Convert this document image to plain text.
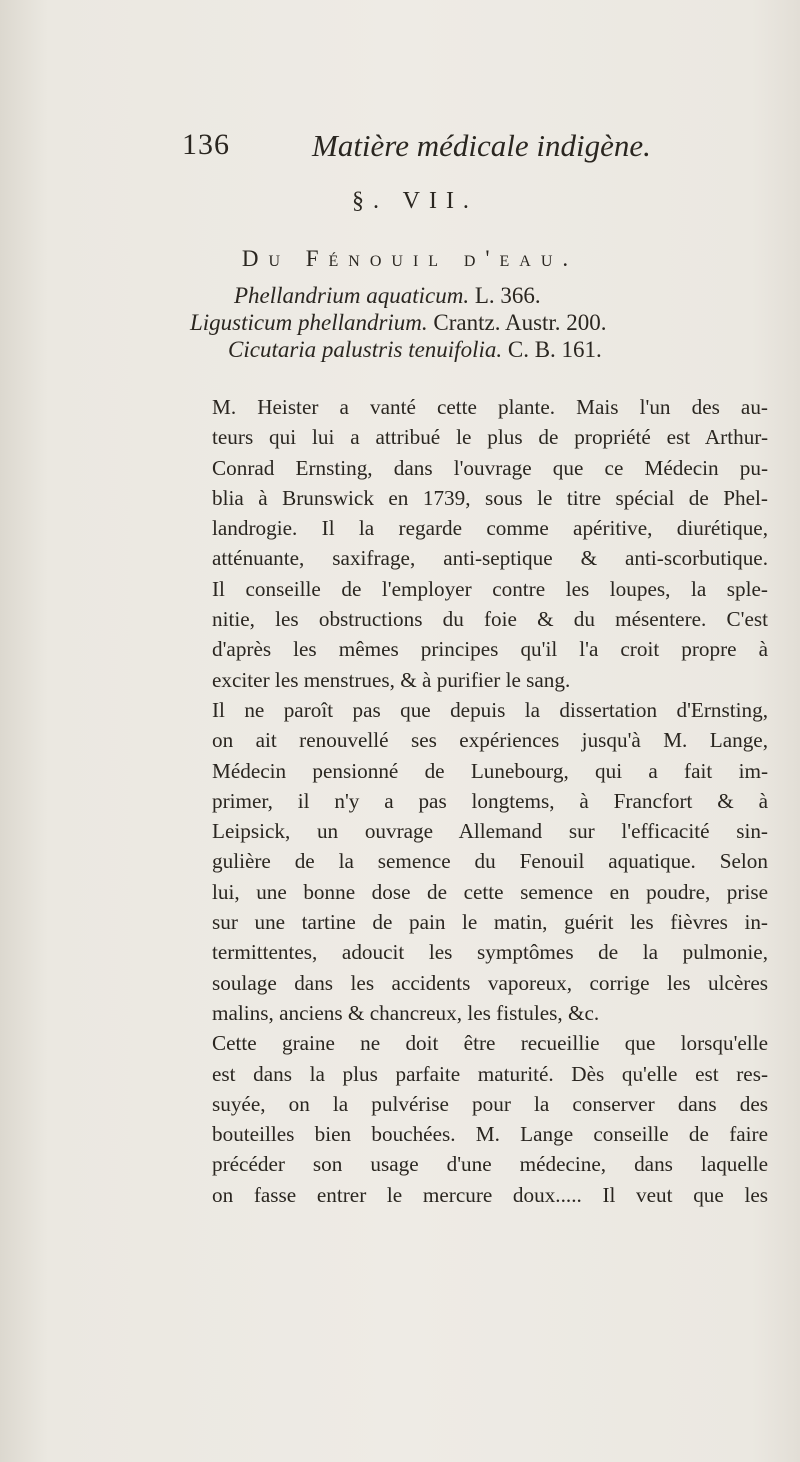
136	Matière médicale indigène.
§. VII.
Du Fénouil d'eau.
Phellandrium aquaticum. L. 366.
Ligusticum phellandrium. Crantz. Austr. 200.
Cicutaria palustris tenuifolia. C. B. 161.
M. Heister a vanté cette plante. Mais l'un des au-
teurs qui lui a attribué le plus de propriété est Arthur-
Conrad Ernsting, dans l'ouvrage que ce Médecin pu-
blia à Brunswick en 1739, sous le titre spécial de Phel-
landrogie. Il la regarde comme apéritive, diurétique,
atténuante, saxifrage, anti-septique & anti-scorbutique.
Il conseille de l'employer contre les loupes, la sple-
nitie, les obstructions du foie & du mésentere. C'est
d'après les mêmes principes qu'il l'a croit propre à
exciter les menstrues, & à purifier le sang.
Il ne paroît pas que depuis la dissertation d'Ernsting,
on ait renouvellé ses expériences jusqu'à M. Lange,
Médecin pensionné de Lunebourg, qui a fait im-
primer, il n'y a pas longtems, à Francfort & à
Leipsick, un ouvrage Allemand sur l'efficacité sin-
gulière de la semence du Fenouil aquatique. Selon
lui, une bonne dose de cette semence en poudre, prise
sur une tartine de pain le matin, guérit les fièvres in-
termittentes, adoucit les symptômes de la pulmonie,
soulage dans les accidents vaporeux, corrige les ulcères
malins, anciens & chancreux, les fistules, &c.
Cette graine ne doit être recueillie que lorsqu'elle
est dans la plus parfaite maturité. Dès qu'elle est res-
suyée, on la pulvérise pour la conserver dans des
bouteilles bien bouchées. M. Lange conseille de faire
précéder son usage d'une médecine, dans laquelle
on fasse entrer le mercure doux..... Il veut que les
